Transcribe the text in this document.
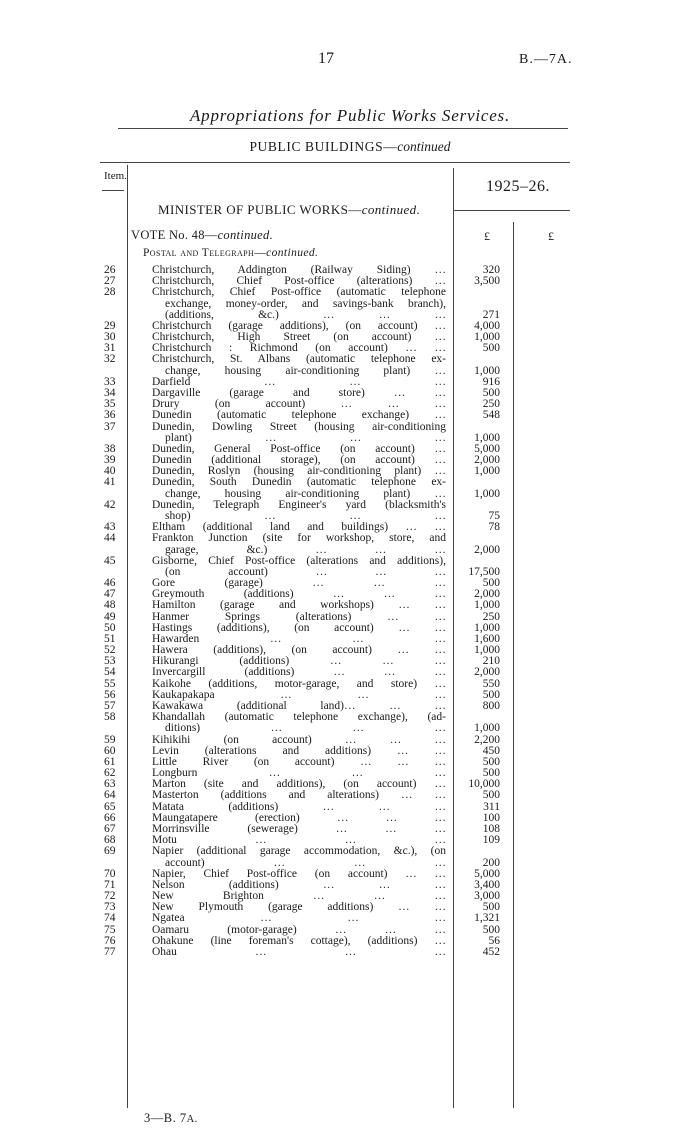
17	B.—7A.
Appropriations for Public Works Services.
PUBLIC BUILDINGS—continued
Item.
1925–26.
MINISTER OF PUBLIC WORKS—continued.
VOTE No. 48—continued.	£	£
Postal and Telegraph—continued.
26	Christchurch, Addington (Railway Siding) …	320
27	Christchurch, Chief Post-office (alterations) …	3,500
28	Christchurch, Chief Post-office (automatic telephone
exchange, money-order, and savings-bank branch),
(additions, &c.) … … …	271
29	Christchurch (garage additions), (on account) …	4,000
30	Christchurch, High Street (on account) …	1,000
31	Christchurch : Richmond (on account) … …	500
32	Christchurch, St. Albans (automatic telephone ex-
change, housing air-conditioning plant) …	1,000
33	Darfield … … …	916
34	Dargaville (garage and store) … …	500
35	Drury (on account) … … …	250
36	Dunedin (automatic telephone exchange) …	548
37	Dunedin, Dowling Street (housing air-conditioning
plant) … … …	1,000
38	Dunedin, General Post-office (on account) …	5,000
39	Dunedin (additional storage), (on account) …	2,000
40	Dunedin, Roslyn (housing air-conditioning plant) …	1,000
41	Dunedin, South Dunedin (automatic telephone ex-
change, housing air-conditioning plant) …	1,000
42	Dunedin, Telegraph Engineer's yard (blacksmith's
shop) … … …	75
43	Eltham (additional land and buildings) … …	78
44	Frankton Junction (site for workshop, store, and
garage, &c.) … … …	2,000
45	Gisborne, Chief Post-office (alterations and additions),
(on account) … … …	17,500
46	Gore (garage) … … …	500
47	Greymouth (additions) … … …	2,000
48	Hamilton (garage and workshops) … …	1,000
49	Hanmer Springs (alterations) … …	250
50	Hastings (additions), (on account) … …	1,000
51	Hawarden … … …	1,600
52	Hawera (additions), (on account) … …	1,000
53	Hikurangi (additions) … … …	210
54	Invercargill (additions) … … …	2,000
55	Kaikohe (additions, motor-garage, and store) …	550
56	Kaukapakapa … … …	500
57	Kawakawa (additional land)… … …	800
58	Khandallah (automatic telephone exchange), (ad-
ditions) … … …	1,000
59	Kihikihi (on account) … … …	2,200
60	Levin (alterations and additions) … …	450
61	Little River (on account) … … …	500
62	Longburn … … …	500
63	Marton (site and additions), (on account) …	10,000
64	Masterton (additions and alterations) … …	500
65	Matata (additions) … … …	311
66	Maungatapere (erection) … … …	100
67	Morrinsville (sewerage) … … …	108
68	Motu … … …	109
69	Napier (additional garage accommodation, &c.), (on
account) … … …	200
70	Napier, Chief Post-office (on account) … …	5,000
71	Nelson (additions) … … …	3,400
72	New Brighton … … …	3,000
73	New Plymouth (garage additions) … …	500
74	Ngatea … … …	1,321
75	Oamaru (motor-garage) … … …	500
76	Ohakune (line foreman's cottage), (additions) …	56
77	Ohau … … …	452
3—B. 7A.
